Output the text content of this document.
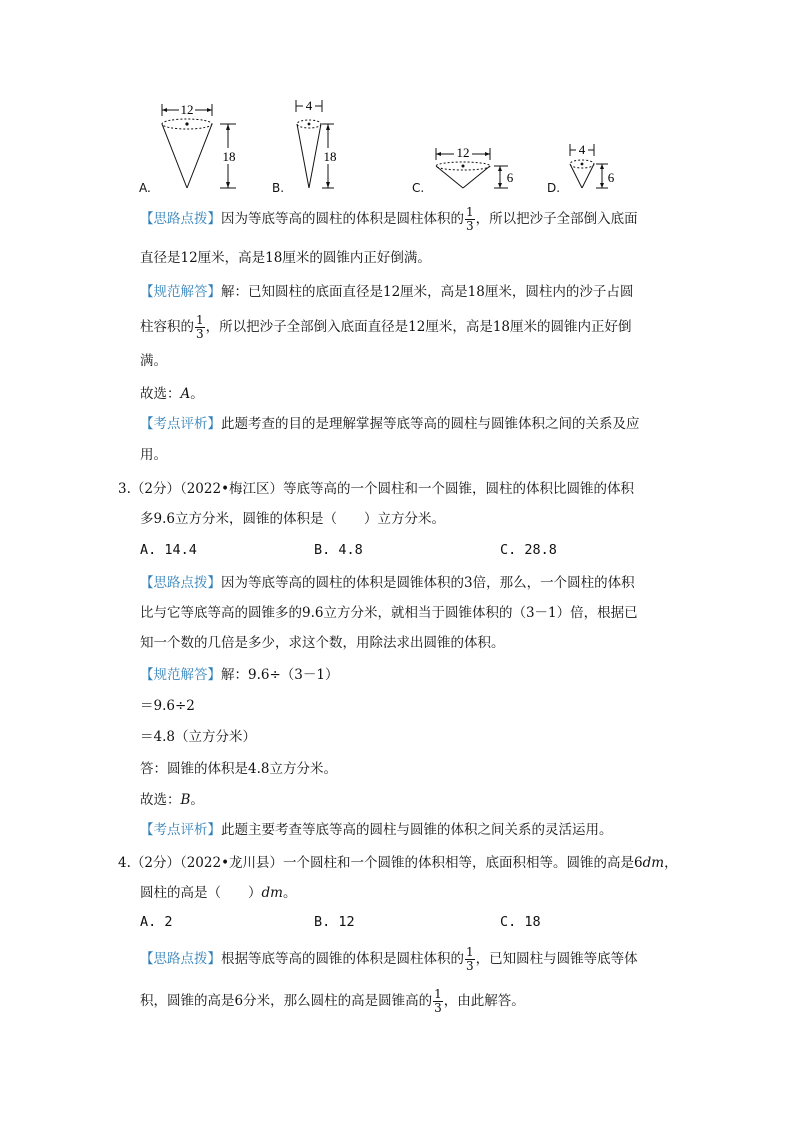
12
18
A.
4
18
B.
12
6
C.
4
6
D.
【思路点拨】因为等底等高的圆柱的体积是圆柱体积的 $\frac{1}{3}$ ，所以把沙子全部倒入底面
直径是12厘米，高是18厘米的圆锥内正好倒满。
【规范解答】解：已知圆柱的底面直径是12厘米，高是18厘米，圆柱内的沙子占圆
柱容积的 $\frac{1}{3}$ ，所以把沙子全部倒入底面直径是12厘米，高是18厘米的圆锥内正好倒
满。
故选：A。
【考点评析】此题考查的目的是理解掌握等底等高的圆柱与圆锥体积之间的关系及应
用。
3.（2分）（2022•梅江区）等底等高的一个圆柱和一个圆锥，圆柱的体积比圆锥的体积
多9.6立方分米，圆锥的体积是（　　）立方分米。
A. 14.4	B. 4.8	C. 28.8
【思路点拨】因为等底等高的圆柱的体积是圆锥体积的3倍，那么，一个圆柱的体积
比与它等底等高的圆锥多的9.6立方分米，就相当于圆锥体积的（3－1）倍，根据已
知一个数的几倍是多少，求这个数，用除法求出圆锥的体积。
【规范解答】解：9.6÷（3－1）
＝9.6÷2
＝4.8（立方分米）
答：圆锥的体积是4.8立方分米。
故选：B。
【考点评析】此题主要考查等底等高的圆柱与圆锥的体积之间关系的灵活运用。
4.（2分）（2022•龙川县）一个圆柱和一个圆锥的体积相等，底面积相等。圆锥的高是6dm，
圆柱的高是（　　）dm。
A. 2	B. 12	C. 18
【思路点拨】根据等底等高的圆锥的体积是圆柱体积的 $\frac{1}{3}$ ，已知圆柱与圆锥等底等体
积，圆锥的高是6分米，那么圆柱的高是圆锥高的 $\frac{1}{3}$ ，由此解答。
